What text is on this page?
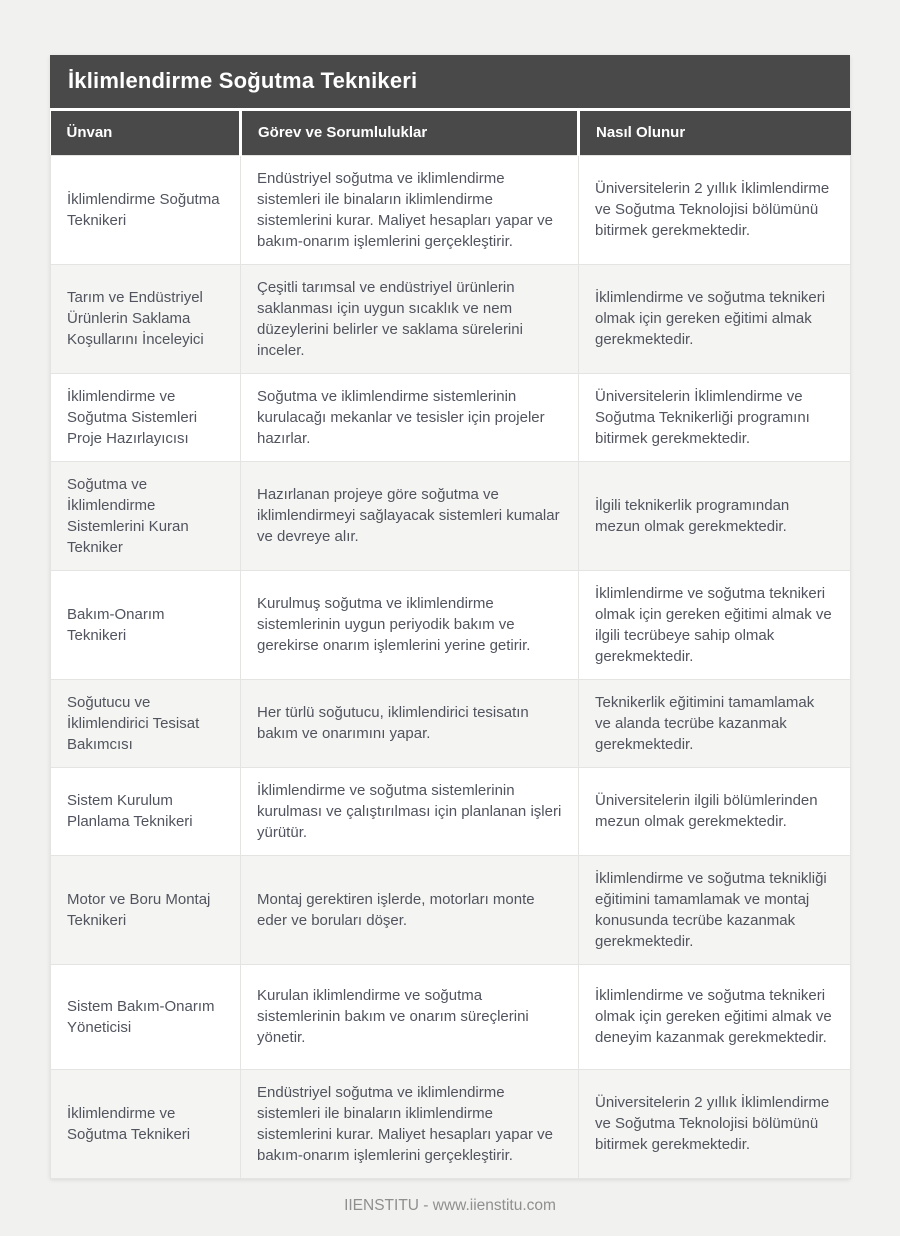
İklimlendirme Soğutma Teknikeri
Ünvan	Görev ve Sorumluluklar	Nasıl Olunur
İklimlendirme Soğutma Teknikeri	Endüstriyel soğutma ve iklimlendirme sistemleri ile binaların iklimlendirme sistemlerini kurar. Maliyet hesapları yapar ve bakım-onarım işlemlerini gerçekleştirir.	Üniversitelerin 2 yıllık İklimlendirme ve Soğutma Teknolojisi bölümünü bitirmek gerekmektedir.
Tarım ve Endüstriyel Ürünlerin Saklama Koşullarını İnceleyici	Çeşitli tarımsal ve endüstriyel ürünlerin saklanması için uygun sıcaklık ve nem düzeylerini belirler ve saklama sürelerini inceler.	İklimlendirme ve soğutma teknikeri olmak için gereken eğitimi almak gerekmektedir.
İklimlendirme ve Soğutma Sistemleri Proje Hazırlayıcısı	Soğutma ve iklimlendirme sistemlerinin kurulacağı mekanlar ve tesisler için projeler hazırlar.	Üniversitelerin İklimlendirme ve Soğutma Teknikerliği programını bitirmek gerekmektedir.
Soğutma ve İklimlendirme Sistemlerini Kuran Tekniker	Hazırlanan projeye göre soğutma ve iklimlendirmeyi sağlayacak sistemleri kumalar ve devreye alır.	İlgili teknikerlik programından mezun olmak gerekmektedir.
Bakım-Onarım Teknikeri	Kurulmuş soğutma ve iklimlendirme sistemlerinin uygun periyodik bakım ve gerekirse onarım işlemlerini yerine getirir.	İklimlendirme ve soğutma teknikeri olmak için gereken eğitimi almak ve ilgili tecrübeye sahip olmak gerekmektedir.
Soğutucu ve İklimlendirici Tesisat Bakımcısı	Her türlü soğutucu, iklimlendirici tesisatın bakım ve onarımını yapar.	Teknikerlik eğitimini tamamlamak ve alanda tecrübe kazanmak gerekmektedir.
Sistem Kurulum Planlama Teknikeri	İklimlendirme ve soğutma sistemlerinin kurulması ve çalıştırılması için planlanan işleri yürütür.	Üniversitelerin ilgili bölümlerinden mezun olmak gerekmektedir.
Motor ve Boru Montaj Teknikeri	Montaj gerektiren işlerde, motorları monte eder ve boruları döşer.	İklimlendirme ve soğutma teknikliği eğitimini tamamlamak ve montaj konusunda tecrübe kazanmak gerekmektedir.
Sistem Bakım-Onarım Yöneticisi	Kurulan iklimlendirme ve soğutma sistemlerinin bakım ve onarım süreçlerini yönetir.	İklimlendirme ve soğutma teknikeri olmak için gereken eğitimi almak ve deneyim kazanmak gerekmektedir.
İklimlendirme ve Soğutma Teknikeri	Endüstriyel soğutma ve iklimlendirme sistemleri ile binaların iklimlendirme sistemlerini kurar. Maliyet hesapları yapar ve bakım-onarım işlemlerini gerçekleştirir.	Üniversitelerin 2 yıllık İklimlendirme ve Soğutma Teknolojisi bölümünü bitirmek gerekmektedir.
IIENSTITU - www.iienstitu.com
